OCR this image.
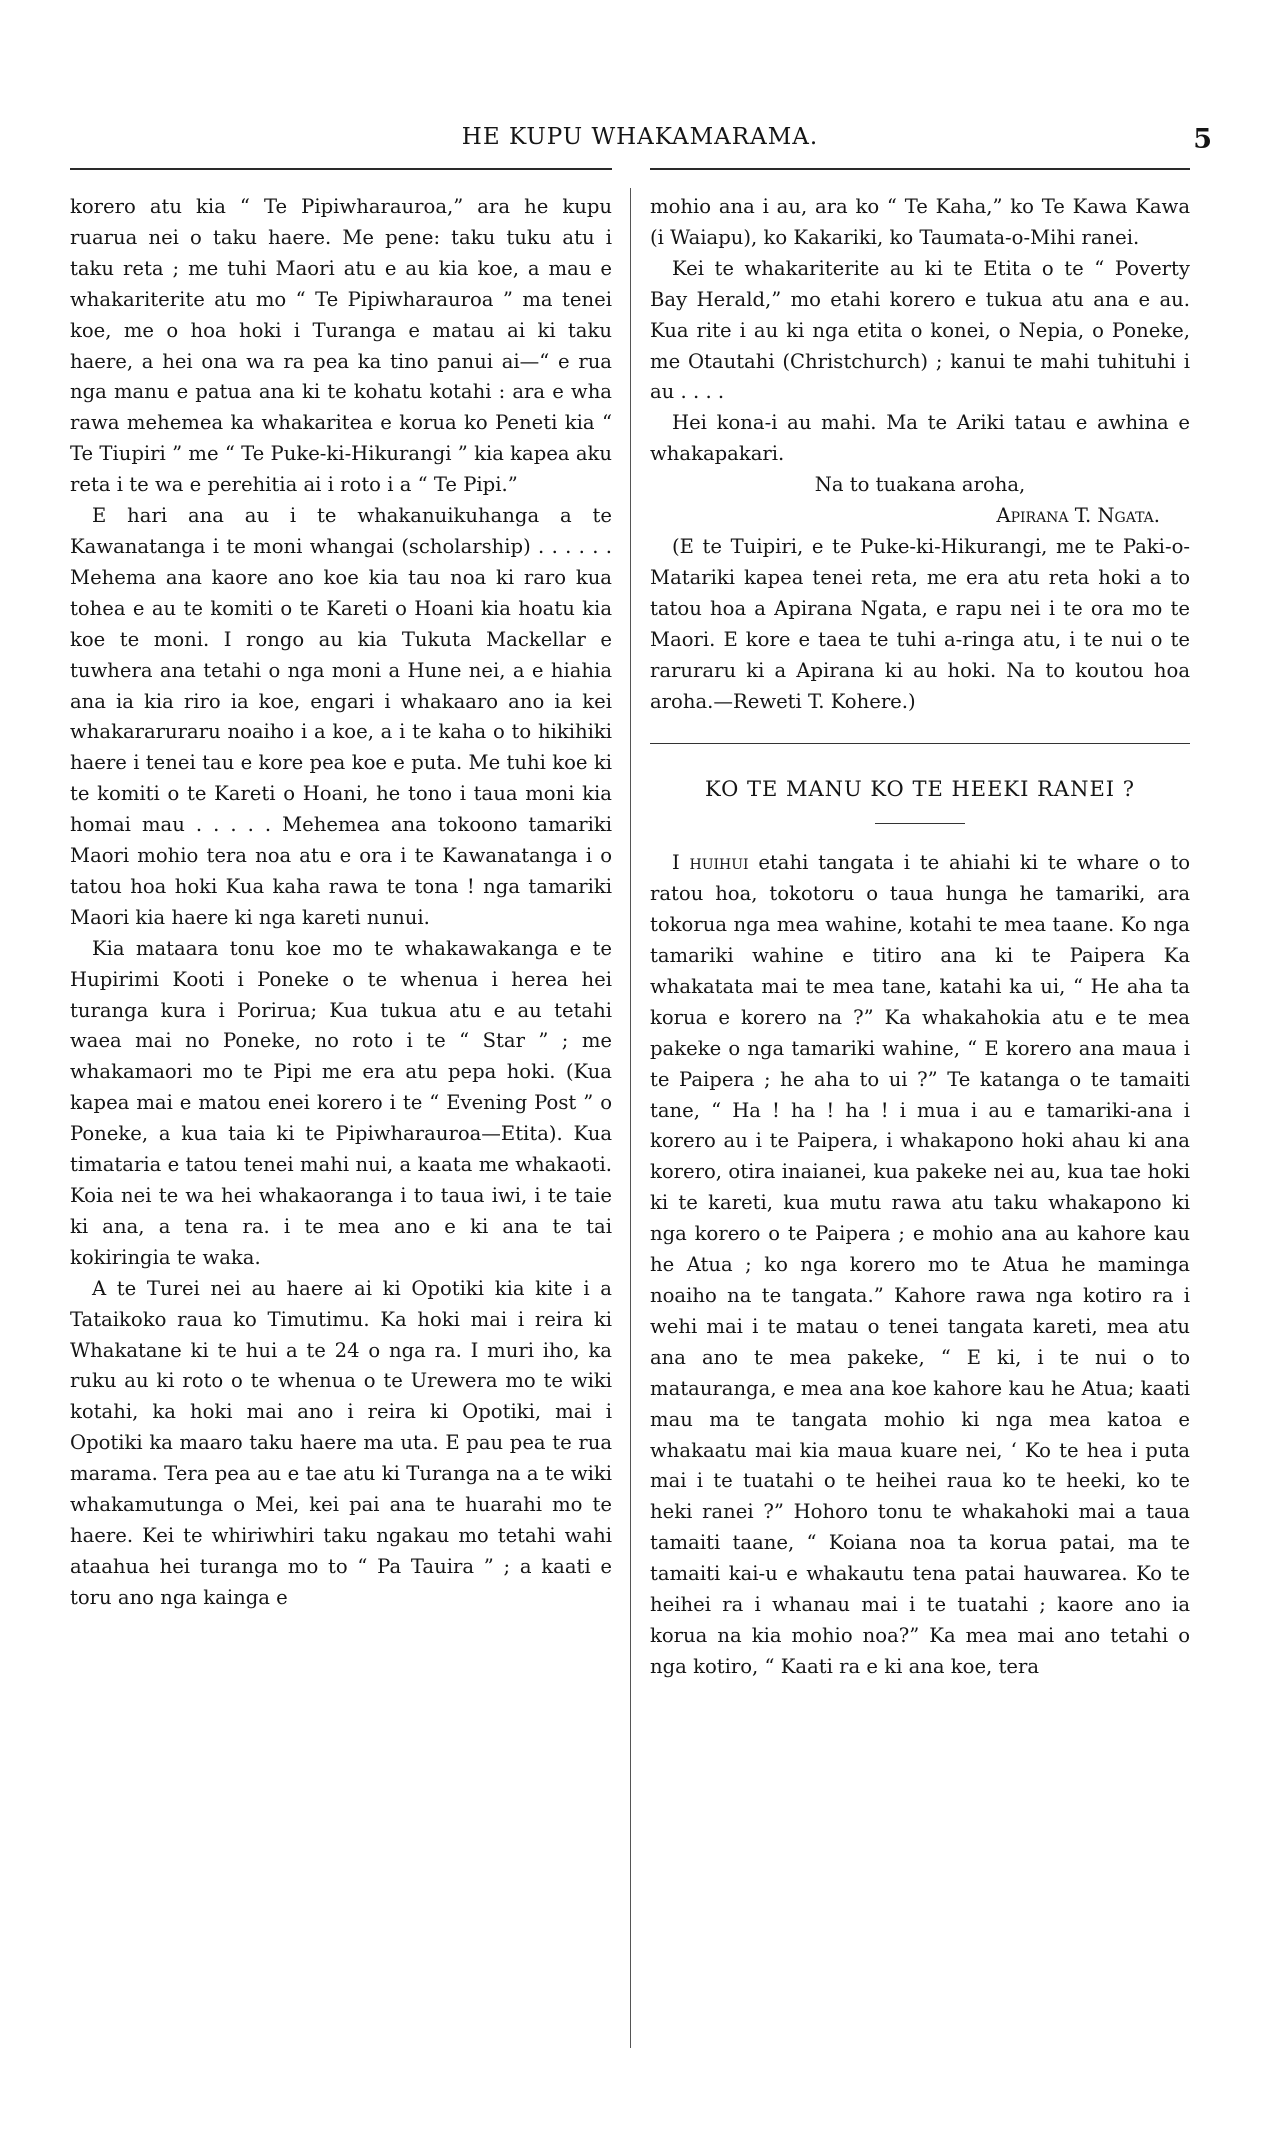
HE KUPU WHAKAMARAMA.	5

korero atu kia “ Te Pipiwharauroa,” ara he kupu ruarua nei o taku haere. Me pene: taku tuku atu i taku reta ; me tuhi Maori atu e au kia koe, a mau e whakariterite atu mo “ Te Pipiwharauroa ” ma tenei koe, me o hoa hoki i Turanga e matau ai ki taku haere, a hei ona wa ra pea ka tino panui ai—“ e rua nga manu e patua ana ki te kohatu kotahi : ara e wha rawa mehemea ka whakaritea e korua ko Peneti kia “ Te Tiupiri ” me “ Te Puke-ki-Hikurangi ” kia kapea aku reta i te wa e perehitia ai i roto i a “ Te Pipi.”

E hari ana au i te whakanuikuhanga a te Kawanatanga i te moni whangai (scholarship) . . . . . . Mehema ana kaore ano koe kia tau noa ki raro kua tohea e au te komiti o te Kareti o Hoani kia hoatu kia koe te moni. I rongo au kia Tukuta Mackellar e tuwhera ana tetahi o nga moni a Hune nei, a e hiahia ana ia kia riro ia koe, engari i whakaaro ano ia kei whakararuraru noaiho i a koe, a i te kaha o to hikihiki haere i tenei tau e kore pea koe e puta. Me tuhi koe ki te komiti o te Kareti o Hoani, he tono i taua moni kia homai mau . . . . . Mehemea ana tokoono tamariki Maori mohio tera noa atu e ora i te Kawanatanga i o tatou hoa hoki Kua kaha rawa te tona ! nga tamariki Maori kia haere ki nga kareti nunui.

Kia mataara tonu koe mo te whakawakanga e te Hupirimi Kooti i Poneke o te whenua i herea hei turanga kura i Porirua; Kua tukua atu e au tetahi waea mai no Poneke, no roto i te “ Star ” ; me whakamaori mo te Pipi me era atu pepa hoki. (Kua kapea mai e matou enei korero i te “ Evening Post ” o Poneke, a kua taia ki te Pipiwharauroa—Etita). Kua timataria e tatou tenei mahi nui, a kaata me whakaoti. Koia nei te wa hei whakaoranga i to taua iwi, i te taie ki ana, a tena ra. i te mea ano e ki ana te tai kokiringia te waka.

A te Turei nei au haere ai ki Opotiki kia kite i a Tataikoko raua ko Timutimu. Ka hoki mai i reira ki Whakatane ki te hui a te 24 o nga ra. I muri iho, ka ruku au ki roto o te whenua o te Urewera mo te wiki kotahi, ka hoki mai ano i reira ki Opotiki, mai i Opotiki ka maaro taku haere ma uta. E pau pea te rua marama. Tera pea au e tae atu ki Turanga na a te wiki whakamutunga o Mei, kei pai ana te huarahi mo te haere. Kei te whiriwhiri taku ngakau mo tetahi wahi ataahua hei turanga mo to “ Pa Tauira ” ; a kaati e toru ano nga kainga e

mohio ana i au, ara ko “ Te Kaha,” ko Te Kawa Kawa (i Waiapu), ko Kakariki, ko Taumata-o-Mihi ranei.

Kei te whakariterite au ki te Etita o te “ Poverty Bay Herald,” mo etahi korero e tukua atu ana e au. Kua rite i au ki nga etita o konei, o Nepia, o Poneke, me Otautahi (Christchurch) ; kanui te mahi tuhituhi i au . . . .

Hei kona-i au mahi. Ma te Ariki tatau e awhina e whakapakari.

Na to tuakana aroha,

Apirana T. Ngata.

(E te Tuipiri, e te Puke-ki-Hikurangi, me te Paki-o-Matariki kapea tenei reta, me era atu reta hoki a to tatou hoa a Apirana Ngata, e rapu nei i te ora mo te Maori. E kore e taea te tuhi a-ringa atu, i te nui o te raruraru ki a Apirana ki au hoki. Na to koutou hoa aroha.—Reweti T. Kohere.)

KO TE MANU KO TE HEEKI RANEI ?

I huihui etahi tangata i te ahiahi ki te whare o to ratou hoa, tokotoru o taua hunga he tamariki, ara tokorua nga mea wahine, kotahi te mea taane. Ko nga tamariki wahine e titiro ana ki te Paipera Ka whakatata mai te mea tane, katahi ka ui, “ He aha ta korua e korero na ?” Ka whakahokia atu e te mea pakeke o nga tamariki wahine, “ E korero ana maua i te Paipera ; he aha to ui ?” Te katanga o te tamaiti tane, “ Ha ! ha ! ha ! i mua i au e tamariki-ana i korero au i te Paipera, i whakapono hoki ahau ki ana korero, otira inaianei, kua pakeke nei au, kua tae hoki ki te kareti, kua mutu rawa atu taku whakapono ki nga korero o te Paipera ; e mohio ana au kahore kau he Atua ; ko nga korero mo te Atua he maminga noaiho na te tangata.” Kahore rawa nga kotiro ra i wehi mai i te matau o tenei tangata kareti, mea atu ana ano te mea pakeke, “ E ki, i te nui o to matauranga, e mea ana koe kahore kau he Atua; kaati mau ma te tangata mohio ki nga mea katoa e whakaatu mai kia maua kuare nei, ‘ Ko te hea i puta mai i te tuatahi o te heihei raua ko te heeki, ko te heki ranei ?” Hohoro tonu te whakahoki mai a taua tamaiti taane, “ Koiana noa ta korua patai, ma te tamaiti kai-u e whakautu tena patai hauwarea. Ko te heihei ra i whanau mai i te tuatahi ; kaore ano ia korua na kia mohio noa?” Ka mea mai ano tetahi o nga kotiro, “ Kaati ra e ki ana koe, tera
